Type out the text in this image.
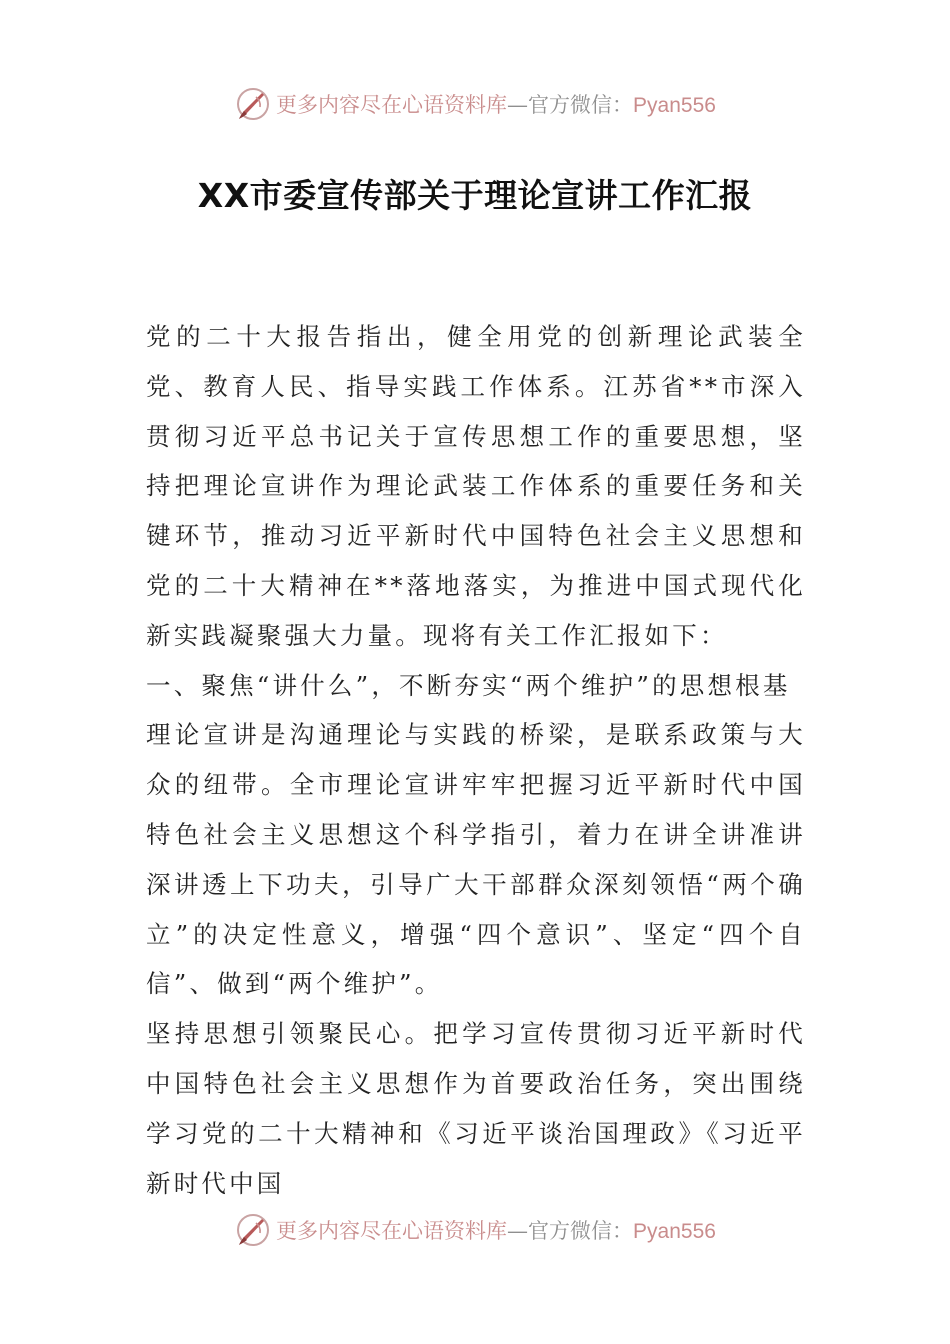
更多内容尽在心语资料库—官方微信：Pyan556
XX市委宣传部关于理论宣讲工作汇报

党的二十大报告指出，健全用党的创新理论武装全党、教育人民、指导实践工作体系。江苏省**市深入贯彻习近平总书记关于宣传思想工作的重要思想，坚持把理论宣讲作为理论武装工作体系的重要任务和关键环节，推动习近平新时代中国特色社会主义思想和党的二十大精神在**落地落实，为推进中国式现代化新实践凝聚强大力量。现将有关工作汇报如下：

一、聚焦“讲什么”，不断夯实“两个维护”的思想根基

理论宣讲是沟通理论与实践的桥梁，是联系政策与大众的纽带。全市理论宣讲牢牢把握习近平新时代中国特色社会主义思想这个科学指引，着力在讲全讲准讲深讲透上下功夫，引导广大干部群众深刻领悟“两个确立”的决定性意义，增强“四个意识”、坚定“四个自信”、做到“两个维护”。

坚持思想引领聚民心。把学习宣传贯彻习近平新时代中国特色社会主义思想作为首要政治任务，突出围绕学习党的二十大精神和《习近平谈治国理政》《习近平新时代中国

更多内容尽在心语资料库—官方微信：Pyan556
